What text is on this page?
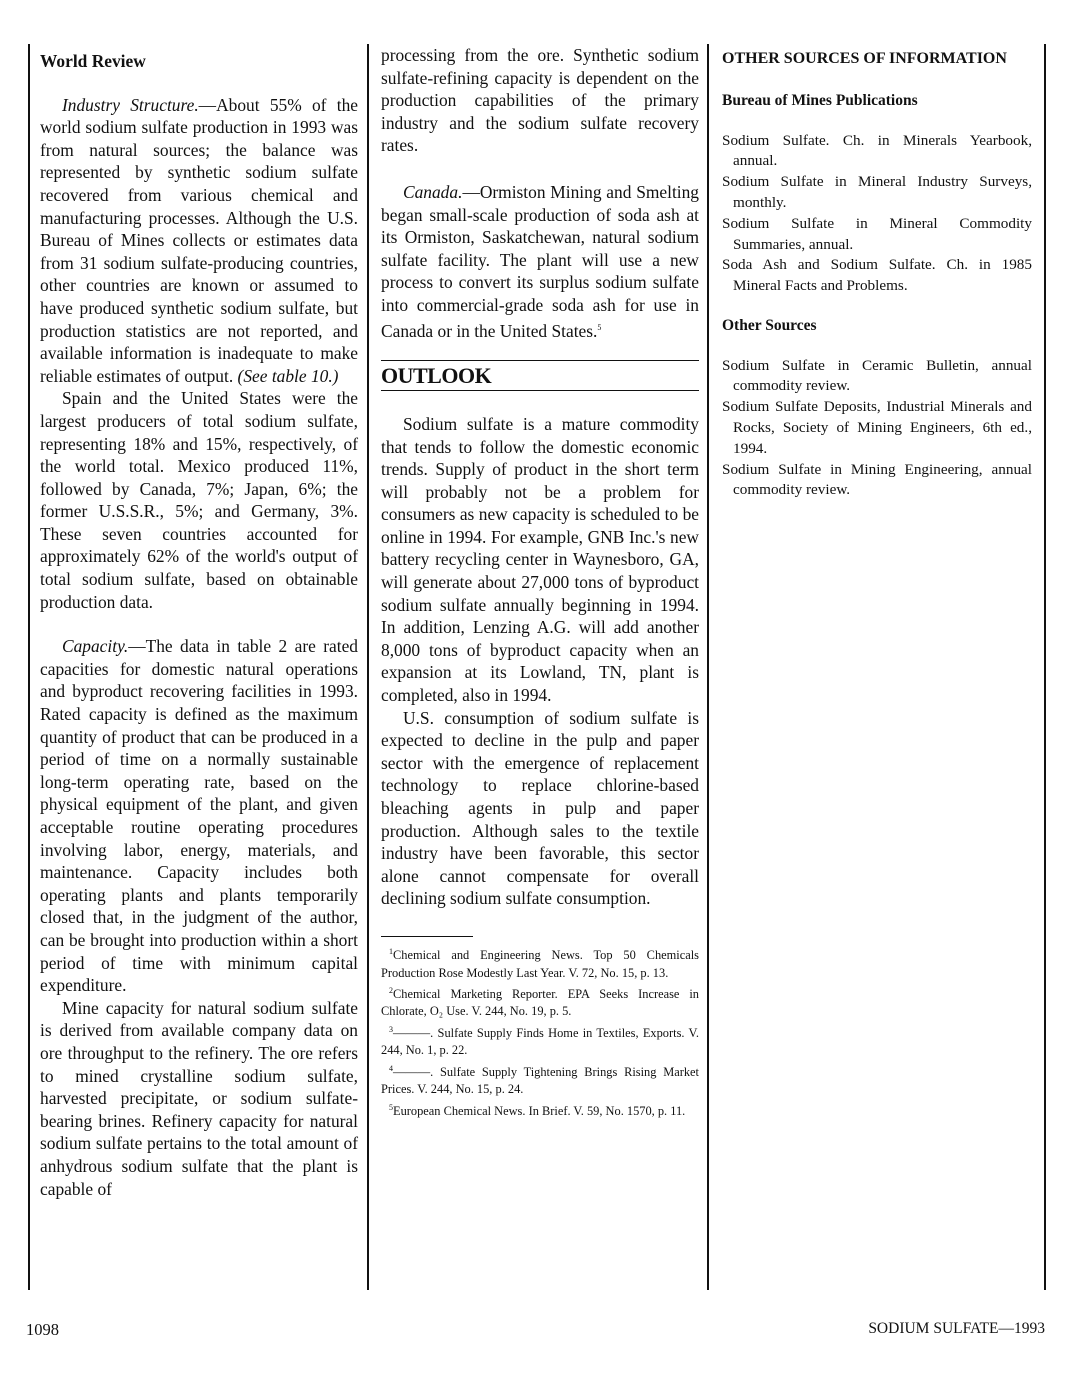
World Review

Industry Structure.—About 55% of the world sodium sulfate production in 1993 was from natural sources; the balance was represented by synthetic sodium sulfate recovered from various chemical and manufacturing processes. Although the U.S. Bureau of Mines collects or estimates data from 31 sodium sulfate-producing countries, other countries are known or assumed to have produced synthetic sodium sulfate, but production statistics are not reported, and available information is inadequate to make reliable estimates of output. (See table 10.)

Spain and the United States were the largest producers of total sodium sulfate, representing 18% and 15%, respectively, of the world total. Mexico produced 11%, followed by Canada, 7%; Japan, 6%; the former U.S.S.R., 5%; and Germany, 3%. These seven countries accounted for approximately 62% of the world's output of total sodium sulfate, based on obtainable production data.

Capacity.—The data in table 2 are rated capacities for domestic natural operations and byproduct recovering facilities in 1993. Rated capacity is defined as the maximum quantity of product that can be produced in a period of time on a normally sustainable long-term operating rate, based on the physical equipment of the plant, and given acceptable routine operating procedures involving labor, energy, materials, and maintenance. Capacity includes both operating plants and plants temporarily closed that, in the judgment of the author, can be brought into production within a short period of time with minimum capital expenditure.

Mine capacity for natural sodium sulfate is derived from available company data on ore throughput to the refinery. The ore refers to mined crystalline sodium sulfate, harvested precipitate, or sodium sulfate-bearing brines. Refinery capacity for natural sodium sulfate pertains to the total amount of anhydrous sodium sulfate that the plant is capable of

processing from the ore. Synthetic sodium sulfate-refining capacity is dependent on the production capabilities of the primary industry and the sodium sulfate recovery rates.

Canada.—Ormiston Mining and Smelting began small-scale production of soda ash at its Ormiston, Saskatchewan, natural sodium sulfate facility. The plant will use a new process to convert its surplus sodium sulfate into commercial-grade soda ash for use in Canada or in the United States.$^5$

OUTLOOK

Sodium sulfate is a mature commodity that tends to follow the domestic economic trends. Supply of product in the short term will probably not be a problem for consumers as new capacity is scheduled to be online in 1994. For example, GNB Inc.'s new battery recycling center in Waynesboro, GA, will generate about 27,000 tons of byproduct sodium sulfate annually beginning in 1994. In addition, Lenzing A.G. will add another 8,000 tons of byproduct capacity when an expansion at its Lowland, TN, plant is completed, also in 1994.

U.S. consumption of sodium sulfate is expected to decline in the pulp and paper sector with the emergence of replacement technology to replace chlorine-based bleaching agents in pulp and paper production. Although sales to the textile industry have been favorable, this sector alone cannot compensate for overall declining sodium sulfate consumption.

$^1$Chemical and Engineering News. Top 50 Chemicals Production Rose Modestly Last Year. V. 72, No. 15, p. 13.

$^2$Chemical Marketing Reporter. EPA Seeks Increase in Chlorate, O₂ Use. V. 244, No. 19, p. 5.

$^3$———. Sulfate Supply Finds Home in Textiles, Exports. V. 244, No. 1, p. 22.

$^4$———. Sulfate Supply Tightening Brings Rising Market Prices. V. 244, No. 15, p. 24.

$^5$European Chemical News. In Brief. V. 59, No. 1570, p. 11.

OTHER SOURCES OF INFORMATION
Bureau of Mines Publications

Sodium Sulfate. Ch. in Minerals Yearbook, annual.

Sodium Sulfate in Mineral Industry Surveys, monthly.

Sodium Sulfate in Mineral Commodity Summaries, annual.

Soda Ash and Sodium Sulfate. Ch. in 1985 Mineral Facts and Problems.

Other Sources

Sodium Sulfate in Ceramic Bulletin, annual commodity review.

Sodium Sulfate Deposits, Industrial Minerals and Rocks, Society of Mining Engineers, 6th ed., 1994.

Sodium Sulfate in Mining Engineering, annual commodity review.

1098	SODIUM SULFATE—1993
